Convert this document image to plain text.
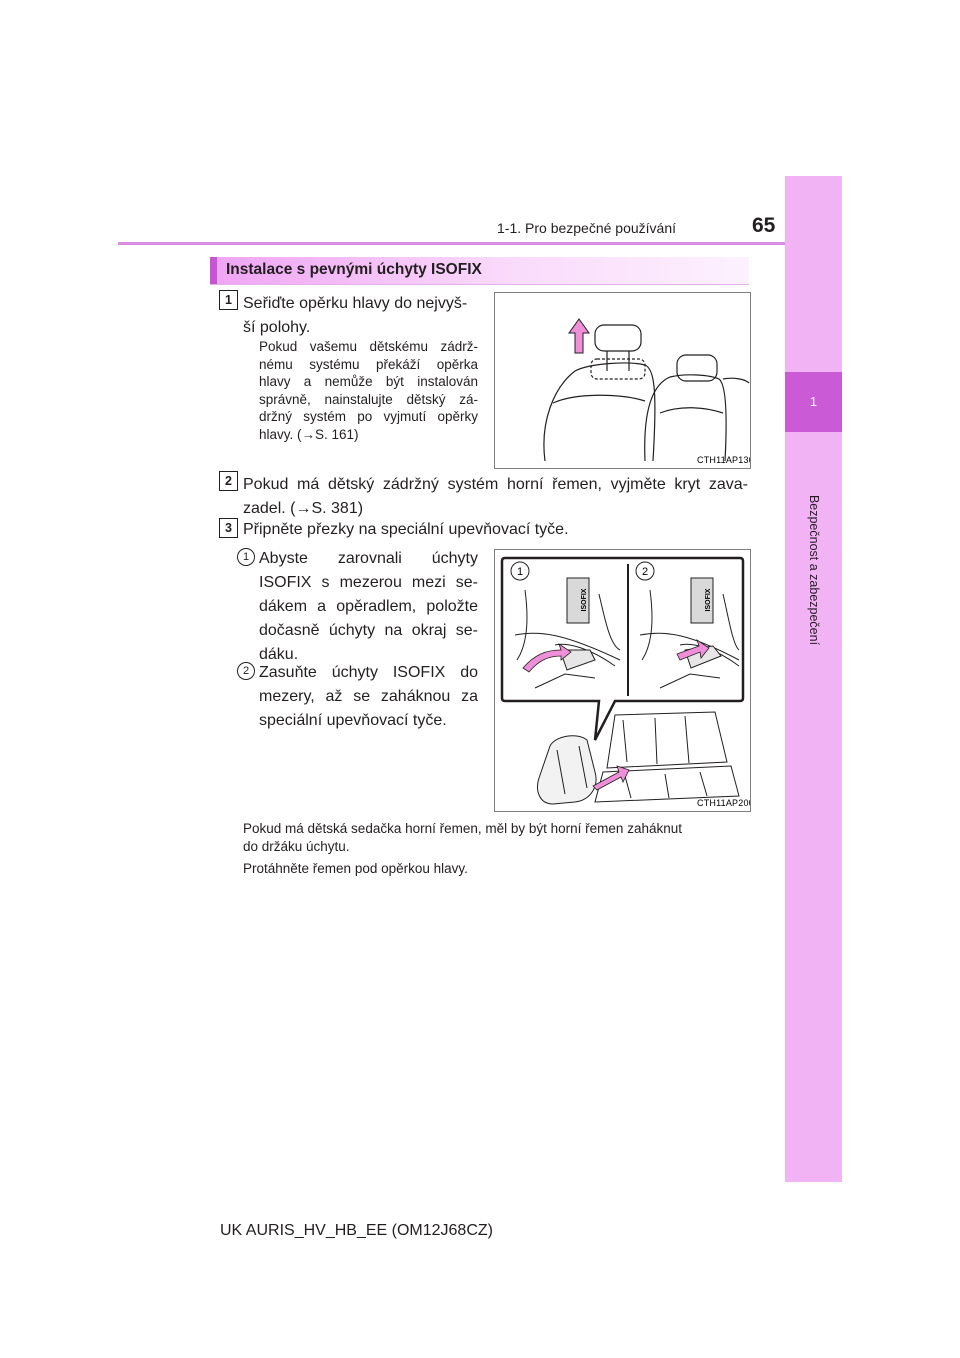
1
Bezpečnost a zabezpečení
1-1. Pro bezpečné používání	65
Instalace s pevnými úchyty ISOFIX
1 Seřiďte opěrku hlavy do nejvyš-
ší polohy.
Pokud vašemu dětskému zádrž-
nému systému překáží opěrka
hlavy a nemůže být instalován
správně, nainstalujte dětský zá-
držný systém po vyjmutí opěrky
hlavy. (→S. 161)
CTH11AP136
2 Pokud má dětský zádržný systém horní řemen, vyjměte kryt zava-
zadel. (→S. 381)
3 Připněte přezky na speciální upevňovací tyče.
1 Abyste zarovnali úchyty
ISOFIX s mezerou mezi se-
dákem a opěradlem, položte
dočasně úchyty na okraj se-
dáku.
2 Zasuňte úchyty ISOFIX do
mezery, až se zaháknou za
speciální upevňovací tyče.
1	2
ISOFIX	ISOFIX
CTH11AP200
Pokud má dětská sedačka horní řemen, měl by být horní řemen zaháknut
do držáku úchytu.
Protáhněte řemen pod opěrkou hlavy.
UK AURIS_HV_HB_EE (OM12J68CZ)
